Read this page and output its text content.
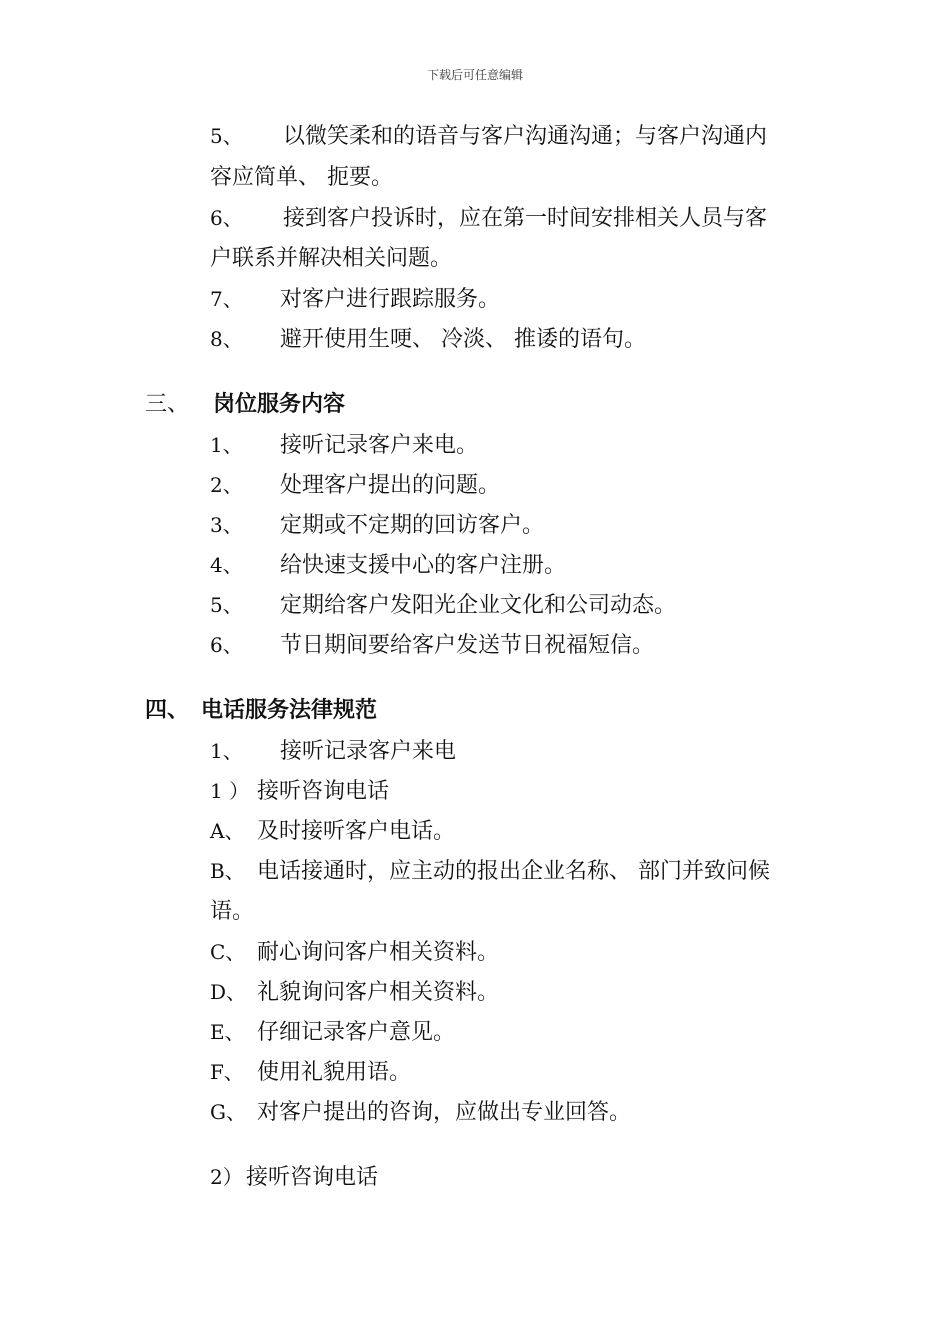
下载后可任意编辑
5、 以微笑柔和的语音与客户沟通沟通；与客户沟通内
容应简单、 扼要。
6、 接到客户投诉时，应在第一时间安排相关人员与客
户联系并解决相关问题。
7、 对客户进行跟踪服务。
8、 避开使用生哽、 冷淡、 推诿的语句。
三、 岗位服务内容
1、 接听记录客户来电。
2、 处理客户提出的问题。
3、 定期或不定期的回访客户。
4、 给快速支援中心的客户注册。
5、 定期给客户发阳光企业文化和公司动态。
6、 节日期间要给客户发送节日祝福短信。
四、 电话服务法律规范
1、 接听记录客户来电
1 ） 接听咨询电话
A、 及时接听客户电话。
B、 电话接通时，应主动的报出企业名称、 部门并致问候
语。
C、 耐心询问客户相关资料。
D、 礼貌询问客户相关资料。
E、 仔细记录客户意见。
F、 使用礼貌用语。
G、 对客户提出的咨询，应做出专业回答。
2） 接听咨询电话
